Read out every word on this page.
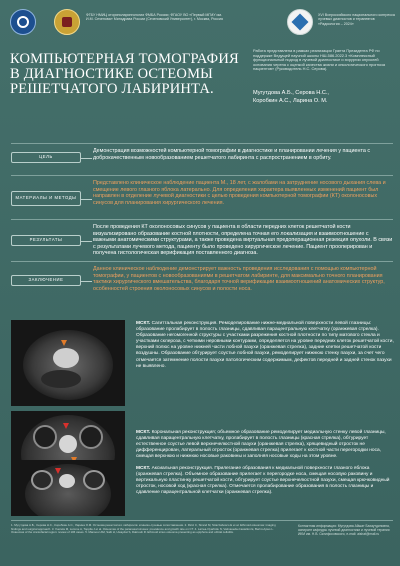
ФГБУ НМИЦ оториноларингологии ФМБА России; ФГАОУ ВО «Первый МГМУ им. И.М. Сеченова» Минздрава России (Сеченовский Университет), г. Москва, Россия
XVI Всероссийского национального конгресса лучевых диагностов и терапевтов «Радиология – 2024»
КОМПЬЮТЕРНАЯ ТОМОГРАФИЯ В ДИАГНОСТИКЕ ОСТЕОМЫ РЕШЕТЧАТОГО ЛАБИРИНТА.
Работа представлена в рамках реализации Гранта Президента РФ по поддержке Ведущей научной школы НШ-586.2022.3 «Комплексный функциональный подход в лучевой диагностике и хирургии опухолей основания черепа с оценкой качества жизни и онкологического прогноза пациентов» (Руководитель Н.С. Серова).
Мугутдова А.Б., Серова Н.С.,
Коробкин А.С., Ларина О. М.
ЦЕЛЬ
Демонстрация возможностей компьютерной томографии в диагностике и планировании лечения у пациента с доброкачественным новообразованием решетчатого лабиринта с распространением в орбиту.
МАТЕРИАЛЫ И МЕТОДЫ
Представлено клиническое наблюдение пациента М., 18 лет, с жалобами на затруднение носового дыхания слева и смещение левого глазного яблока латерально. Для определения характера выявленных изменений пациент был направлен в отделение лучевой диагностики с целью проведения компьютерной томографии (КТ) околоносовых синусов для планирования хирургического лечения.
РЕЗУЛЬТАТЫ
После проведения КТ околоносовых синусов у пациента в области передних клеток решетчатой кости визуализировано образование костной плотности, определена точная его локализация и взаимоотношение с важными анатомическими структурами, а также проведена виртуальная предоперационная резекция опухоли. В связи с результатами лучевого метода, пациенту было проведено хирургическое лечение. Пациент прооперирован и получена гистологическая верификация поставленного диагноза.
ЗАКЛЮЧЕНИЕ
Данное клиническое наблюдение демонстрирует важность проведения исследования с помощью компьютерной томографии, у пациентов с новообразованиями в решетчатом лабиринте, для максимально точного планирования тактики хирургического вмешательства, благодаря точной верификации взаимоотношений анатомических структур, особенностей строения околоносовых синусов и полости носа.
МСКТ. Сагиттальная реконструкция. Ремоделирование нижне-медиальной поверхности левой глазницы: образование пролабирует в полость глазницы, сдавливая парацентральную клетчатку (оранжевая стрелка). Образование негомогенной структуры с участками разрежения костной плотности по типу матового стекла и участками склероза, с четкими неровными контурами, определяется на уровне передних клеток решетчатой кости, верхний полюс на уровне нижней части лобной пазухи (оранжевая стрелка), задние клетки решетчатой кости воздушны. Образование обтурирует соустье лобной пазухи, ремоделирует нижнюю стенку пазухи, за счет чего отмечается затемнение полости пазухи патологическим содержимым, дефектов передней и задней стенок пазухи не выявлено.
МСКТ. Корональная реконструкция; объемное образование ремоделирует медиальную стенку левой глазницы, сдавливая парацентральную клетчатку, пролабирует в полость глазницы (красная стрелка), обтурирует естественное соустье левой верхнечелюстной пазухи (оранжевая стрелка), хрящевидный отросток не дифференцирован, латеральный отросток (оранжевая стрелка) прилегает к костной части перегородки носа, смещая верхнюю и нижнюю носовые раковины и заполняя носовые ходы на этом уровне.
МСКТ. Аксиальная реконструкция. Прилегание образования к медиальной поверхности глазного яблока (оранжевая стрелка). Объемное образование прилегает к перегородке носа, смещая носовую раковину и вертикальную пластинку решетчатой кости, обтурирует соустье верхнечелюстной пазухи, смещая крючковидный отросток, носовой ход (красная стрелка). Отмечается пролабирование образования в полость глазницы и сдавление парацентральной клетчатки (оранжевая стрелка).
1. Мугутдова А.Б., Серова Н.С., Коробкин А.С., Ларина О.М. Остеома решетчатого лабиринта: клинико-лучевые сопоставления. 2. Ricci C, Strand M, Strazzabosco E et al. Ethmoid osteomas: imaging findings and surgical approach. 3. Vuorela M, Lumme A, Toppila J et al. Osteomas of the paranasal sinuses: prevalence and growth rate on CT. 4. Larrea-Oyarbide N, Valmaseda-Castellon E, Berini-Aytes L. Osteomas of the craniofacial region: review of 106 cases. 5. Mansour AM, Salti H, Uwaydat S, Dakroub R. Ethmoid sinus osteoma presenting as epiphora and orbital cellulitis.
Контактная информация: Мугутдова Айшат Бахаутдиновна, аспирант кафедры лучевой диагностики и лучевой терапии ИКМ им. Н.В. Склифосовского, e-mail: aishat@mail.ru
